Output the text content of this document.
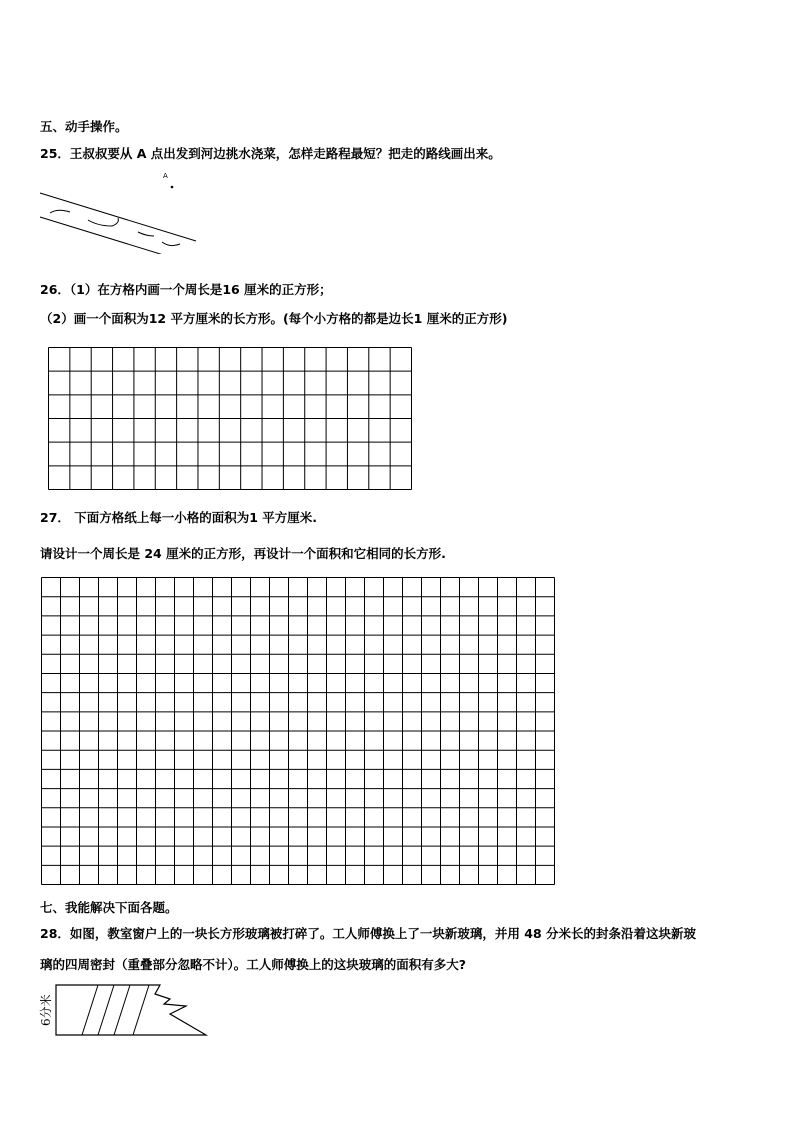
五、动手操作。
25．王叔叔要从 A 点出发到河边挑水浇菜，怎样走路程最短？把走的路线画出来。
A
26．（1）在方格内画一个周长是16 厘米的正方形；
（2）画一个面积为12 平方厘米的长方形。(每个小方格的都是边长1 厘米的正方形)
27． 下面方格纸上每一小格的面积为1 平方厘米.
请设计一个周长是 24 厘米的正方形，再设计一个面积和它相同的长方形.
七、我能解决下面各题。
28．如图，教室窗户上的一块长方形玻璃被打碎了。工人师傅换上了一块新玻璃，并用 48 分米长的封条沿着这块新玻
璃的四周密封（重叠部分忽略不计）。工人师傅换上的这块玻璃的面积有多大?
6分米
